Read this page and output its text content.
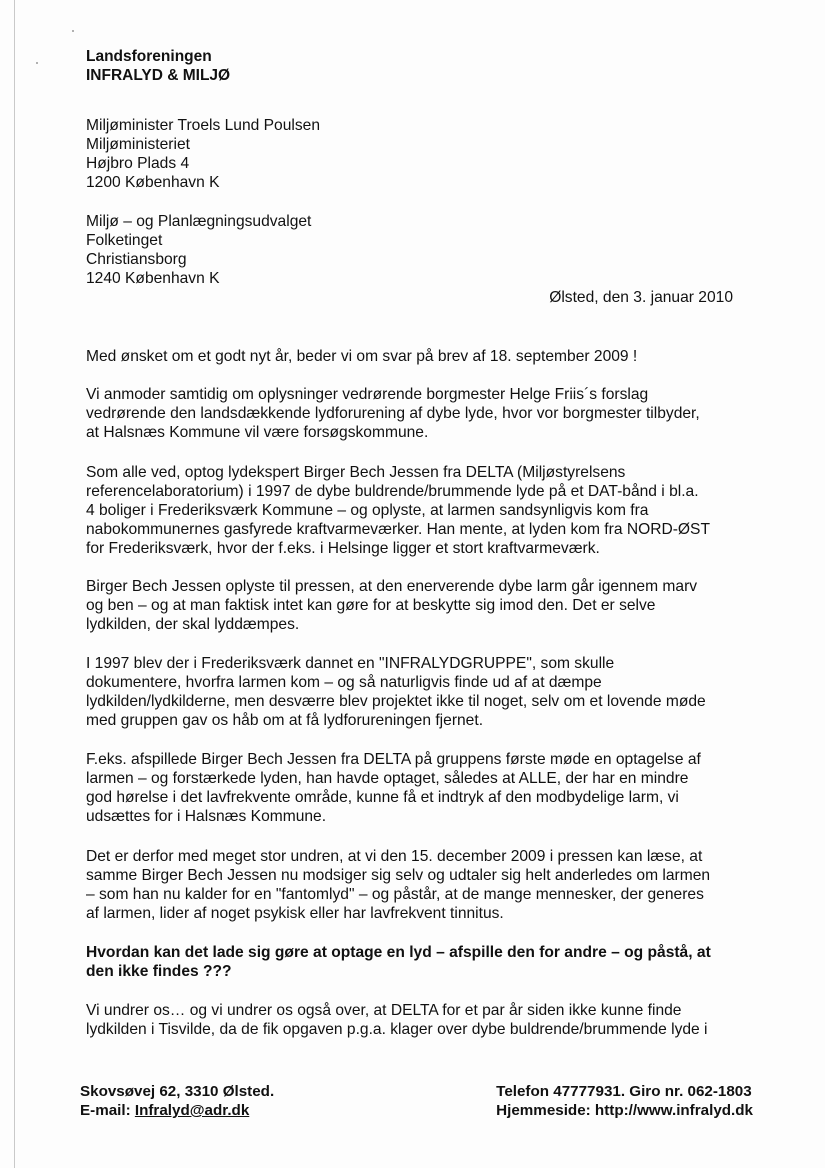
Landsforeningen
INFRALYD & MILJØ
Miljøminister Troels Lund Poulsen
Miljøministeriet
Højbro Plads 4
1200 København K
Miljø – og Planlægningsudvalget
Folketinget
Christiansborg
1240 København K
Ølsted, den 3. januar 2010
Med ønsket om et godt nyt år, beder vi om svar på brev af 18. september 2009 !
Vi anmoder samtidig om oplysninger vedrørende borgmester Helge Friis´s forslag
vedrørende den landsdækkende lydforurening af dybe lyde, hvor vor borgmester tilbyder,
at Halsnæs Kommune vil være forsøgskommune.
Som alle ved, optog lydekspert Birger Bech Jessen fra DELTA (Miljøstyrelsens
referencelaboratorium) i 1997 de dybe buldrende/brummende lyde på et DAT-bånd i bl.a.
4 boliger i Frederiksværk Kommune – og oplyste, at larmen sandsynligvis kom fra
nabokommunernes gasfyrede kraftvarmeværker. Han mente, at lyden kom fra NORD-ØST
for Frederiksværk, hvor der f.eks. i Helsinge ligger et stort kraftvarmeværk.
Birger Bech Jessen oplyste til pressen, at den enerverende dybe larm går igennem marv
og ben – og at man faktisk intet kan gøre for at beskytte sig imod den. Det er selve
lydkilden, der skal lyddæmpes.
I 1997 blev der i Frederiksværk dannet en "INFRALYDGRUPPE", som skulle
dokumentere, hvorfra larmen kom – og så naturligvis finde ud af at dæmpe
lydkilden/lydkilderne, men desværre blev projektet ikke til noget, selv om et lovende møde
med gruppen gav os håb om at få lydforureningen fjernet.
F.eks. afspillede Birger Bech Jessen fra DELTA på gruppens første møde en optagelse af
larmen – og forstærkede lyden, han havde optaget, således at ALLE, der har en mindre
god hørelse i det lavfrekvente område, kunne få et indtryk af den modbydelige larm, vi
udsættes for i Halsnæs Kommune.
Det er derfor med meget stor undren, at vi den 15. december 2009 i pressen kan læse, at
samme Birger Bech Jessen nu modsiger sig selv og udtaler sig helt anderledes om larmen
– som han nu kalder for en "fantomlyd" – og påstår, at de mange mennesker, der generes
af larmen, lider af noget psykisk eller har lavfrekvent tinnitus.
Hvordan kan det lade sig gøre at optage en lyd – afspille den for andre – og påstå, at
den ikke findes ???
Vi undrer os… og vi undrer os også over, at DELTA for et par år siden ikke kunne finde
lydkilden i Tisvilde, da de fik opgaven p.g.a. klager over dybe buldrende/brummende lyde i
Skovsøvej 62, 3310 Ølsted.
E-mail: Infralyd@adr.dk
Telefon 47777931. Giro nr. 062-1803
Hjemmeside: http://www.infralyd.dk
